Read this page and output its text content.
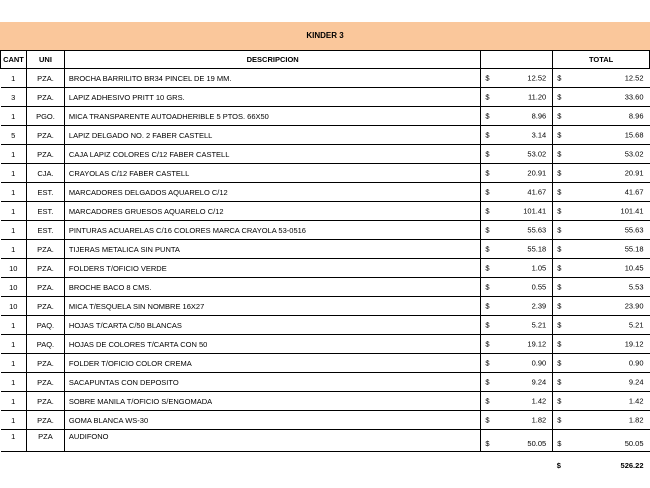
KINDER 3
CANT	UNI	DESCRIPCION		TOTAL
1	PZA.	BROCHA BARRILITO BR34 PINCEL DE 19 MM.	$ 12.52	$ 12.52

3	PZA.	LAPIZ ADHESIVO PRITT 10 GRS.	$ 11.20	$ 33.60

1	PGO.	MICA TRANSPARENTE AUTOADHERIBLE 5 PTOS. 66X50	$ 8.96	$ 8.96

5	PZA.	LAPIZ DELGADO NO. 2 FABER CASTELL	$ 3.14	$ 15.68

1	PZA.	CAJA LAPIZ COLORES C/12 FABER CASTELL	$ 53.02	$ 53.02

1	CJA.	CRAYOLAS C/12 FABER CASTELL	$ 20.91	$ 20.91

1	EST.	MARCADORES DELGADOS AQUARELO C/12	$ 41.67	$ 41.67

1	EST.	MARCADORES GRUESOS AQUARELO C/12	$ 101.41	$ 101.41

1	EST.	PINTURAS ACUARELAS C/16 COLORES MARCA CRAYOLA 53-0516	$ 55.63	$ 55.63

1	PZA.	TIJERAS METALICA SIN PUNTA	$ 55.18	$ 55.18

10	PZA.	FOLDERS T/OFICIO VERDE	$ 1.05	$ 10.45

10	PZA.	BROCHE BACO 8 CMS.	$ 0.55	$ 5.53

10	PZA.	MICA T/ESQUELA SIN NOMBRE 16X27	$ 2.39	$ 23.90

1	PAQ.	HOJAS T/CARTA C/50 BLANCAS	$ 5.21	$ 5.21

1	PAQ.	HOJAS DE COLORES T/CARTA CON 50	$ 19.12	$ 19.12

1	PZA.	FOLDER T/OFICIO COLOR CREMA	$ 0.90	$ 0.90

1	PZA.	SACAPUNTAS CON DEPOSITO	$ 9.24	$ 9.24

1	PZA.	SOBRE MANILA T/OFICIO S/ENGOMADA	$ 1.42	$ 1.42

1	PZA.	GOMA BLANCA WS-30	$ 1.82	$ 1.82

1	PZA	AUDIFONO	$ 50.05	$ 50.05

				$ 526.22
